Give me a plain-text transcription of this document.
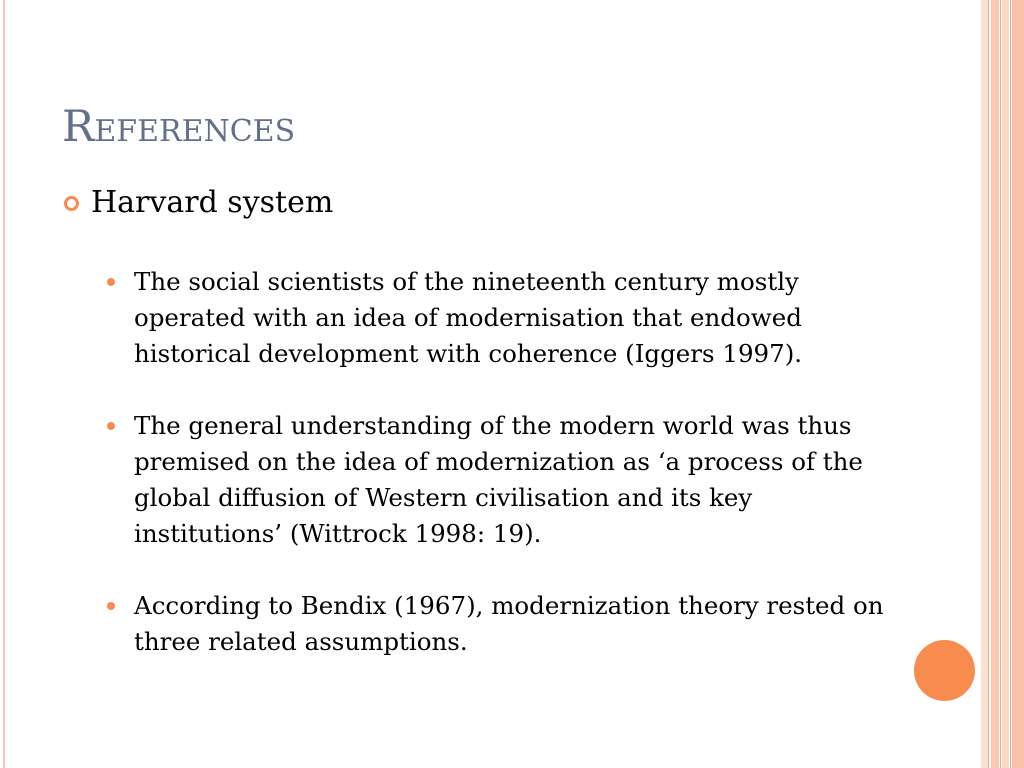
References
Harvard system
The social scientists of the nineteenth century mostly operated with an idea of modernisation that endowed historical development with coherence (Iggers 1997).
The general understanding of the modern world was thus premised on the idea of modernization as ‘a process of the global diffusion of Western civilisation and its key institutions’ (Wittrock 1998: 19).
According to Bendix (1967), modernization theory rested on three related assumptions.
